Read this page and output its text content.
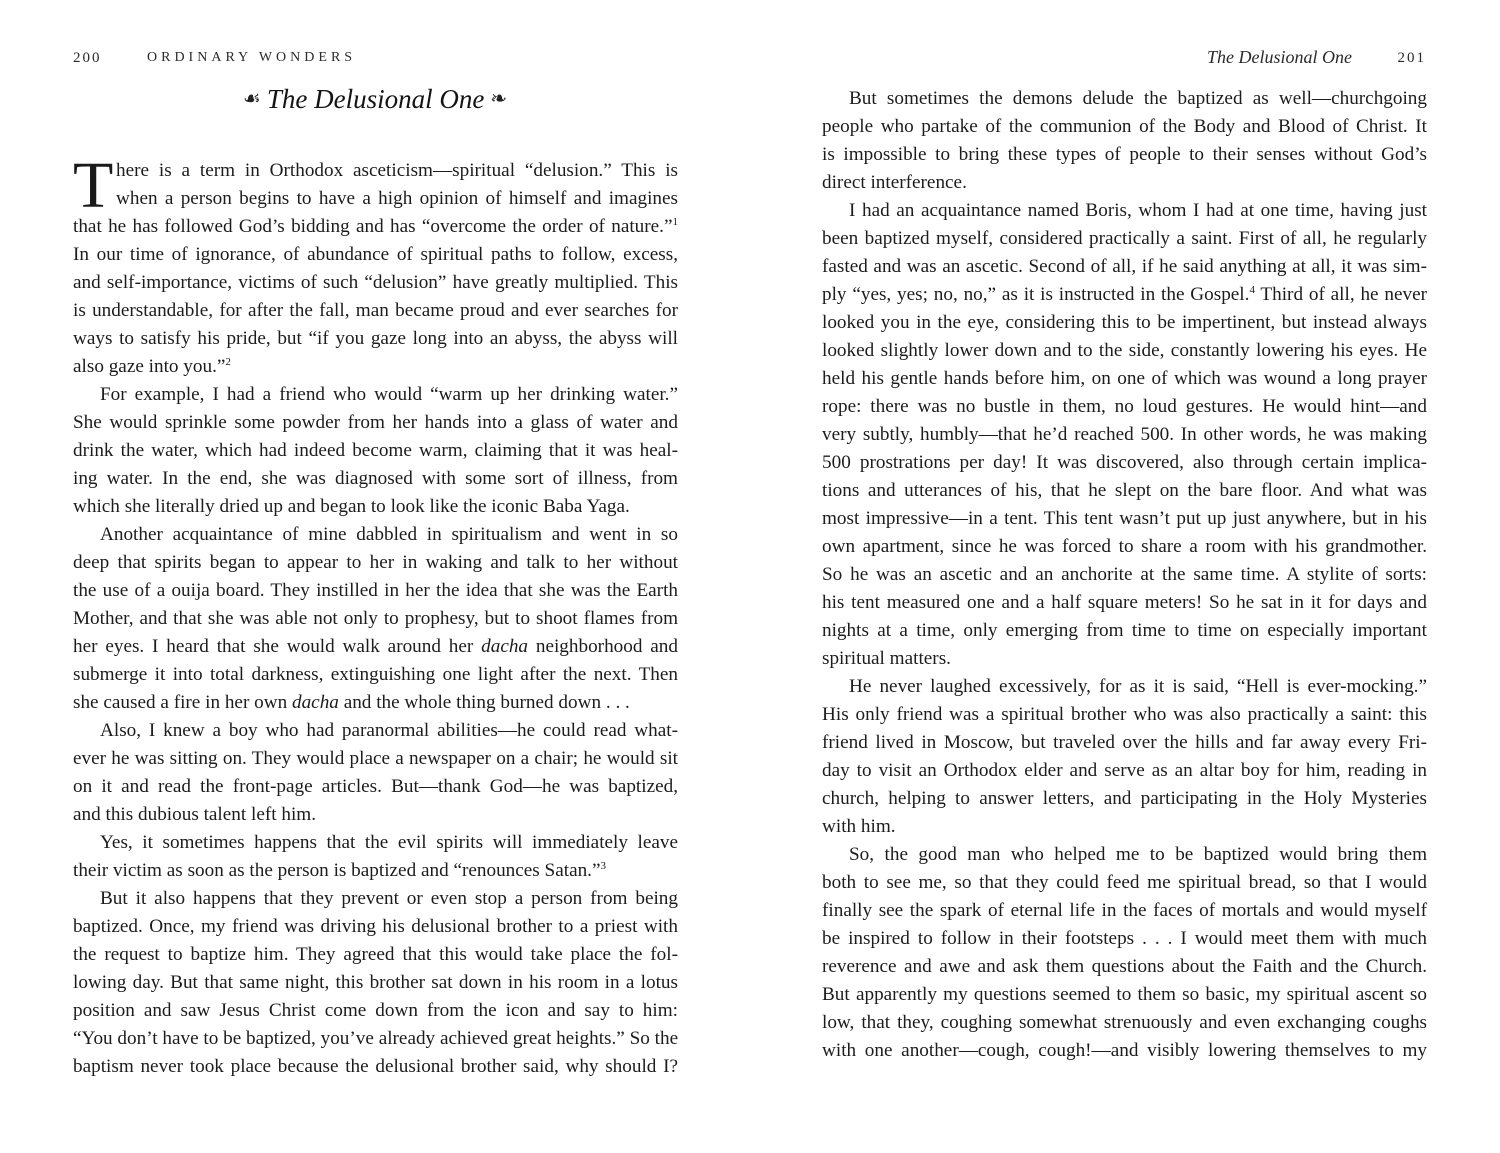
200	ORDINARY WONDERS
☙ The Delusional One ❧
T here is a term in Orthodox asceticism—spiritual “delusion.” This is
when a person begins to have a high opinion of himself and imagines
that he has followed God’s bidding and has “overcome the order of nature.”$^1$
In our time of ignorance, of abundance of spiritual paths to follow, excess,
and self-importance, victims of such “delusion” have greatly multiplied. This
is understandable, for after the fall, man became proud and ever searches for
ways to satisfy his pride, but “if you gaze long into an abyss, the abyss will
also gaze into you.”$^2$
For example, I had a friend who would “warm up her drinking water.”
She would sprinkle some powder from her hands into a glass of water and
drink the water, which had indeed become warm, claiming that it was heal-
ing water. In the end, she was diagnosed with some sort of illness, from
which she literally dried up and began to look like the iconic Baba Yaga.
Another acquaintance of mine dabbled in spiritualism and went in so
deep that spirits began to appear to her in waking and talk to her without
the use of a ouija board. They instilled in her the idea that she was the Earth
Mother, and that she was able not only to prophesy, but to shoot flames from
her eyes. I heard that she would walk around her dacha neighborhood and
submerge it into total darkness, extinguishing one light after the next. Then
she caused a fire in her own dacha and the whole thing burned down . . .
Also, I knew a boy who had paranormal abilities—he could read what-
ever he was sitting on. They would place a newspaper on a chair; he would sit
on it and read the front-page articles. But—thank God—he was baptized,
and this dubious talent left him.
Yes, it sometimes happens that the evil spirits will immediately leave
their victim as soon as the person is baptized and “renounces Satan.”$^3$
But it also happens that they prevent or even stop a person from being
baptized. Once, my friend was driving his delusional brother to a priest with
the request to baptize him. They agreed that this would take place the fol-
lowing day. But that same night, this brother sat down in his room in a lotus
position and saw Jesus Christ come down from the icon and say to him:
“You don’t have to be baptized, you’ve already achieved great heights.” So the
baptism never took place because the delusional brother said, why should I?
The Delusional One	201
But sometimes the demons delude the baptized as well—churchgoing
people who partake of the communion of the Body and Blood of Christ. It
is impossible to bring these types of people to their senses without God’s
direct interference.
I had an acquaintance named Boris, whom I had at one time, having just
been baptized myself, considered practically a saint. First of all, he regularly
fasted and was an ascetic. Second of all, if he said anything at all, it was sim-
ply “yes, yes; no, no,” as it is instructed in the Gospel.$^4$ Third of all, he never
looked you in the eye, considering this to be impertinent, but instead always
looked slightly lower down and to the side, constantly lowering his eyes. He
held his gentle hands before him, on one of which was wound a long prayer
rope: there was no bustle in them, no loud gestures. He would hint—and
very subtly, humbly—that he’d reached 500. In other words, he was making
500 prostrations per day! It was discovered, also through certain implica-
tions and utterances of his, that he slept on the bare floor. And what was
most impressive—in a tent. This tent wasn’t put up just anywhere, but in his
own apartment, since he was forced to share a room with his grandmother.
So he was an ascetic and an anchorite at the same time. A stylite of sorts:
his tent measured one and a half square meters! So he sat in it for days and
nights at a time, only emerging from time to time on especially important
spiritual matters.
He never laughed excessively, for as it is said, “Hell is ever-mocking.”
His only friend was a spiritual brother who was also practically a saint: this
friend lived in Moscow, but traveled over the hills and far away every Fri-
day to visit an Orthodox elder and serve as an altar boy for him, reading in
church, helping to answer letters, and participating in the Holy Mysteries
with him.
So, the good man who helped me to be baptized would bring them
both to see me, so that they could feed me spiritual bread, so that I would
finally see the spark of eternal life in the faces of mortals and would myself
be inspired to follow in their footsteps . . . I would meet them with much
reverence and awe and ask them questions about the Faith and the Church.
But apparently my questions seemed to them so basic, my spiritual ascent so
low, that they, coughing somewhat strenuously and even exchanging coughs
with one another—cough, cough!—and visibly lowering themselves to my
